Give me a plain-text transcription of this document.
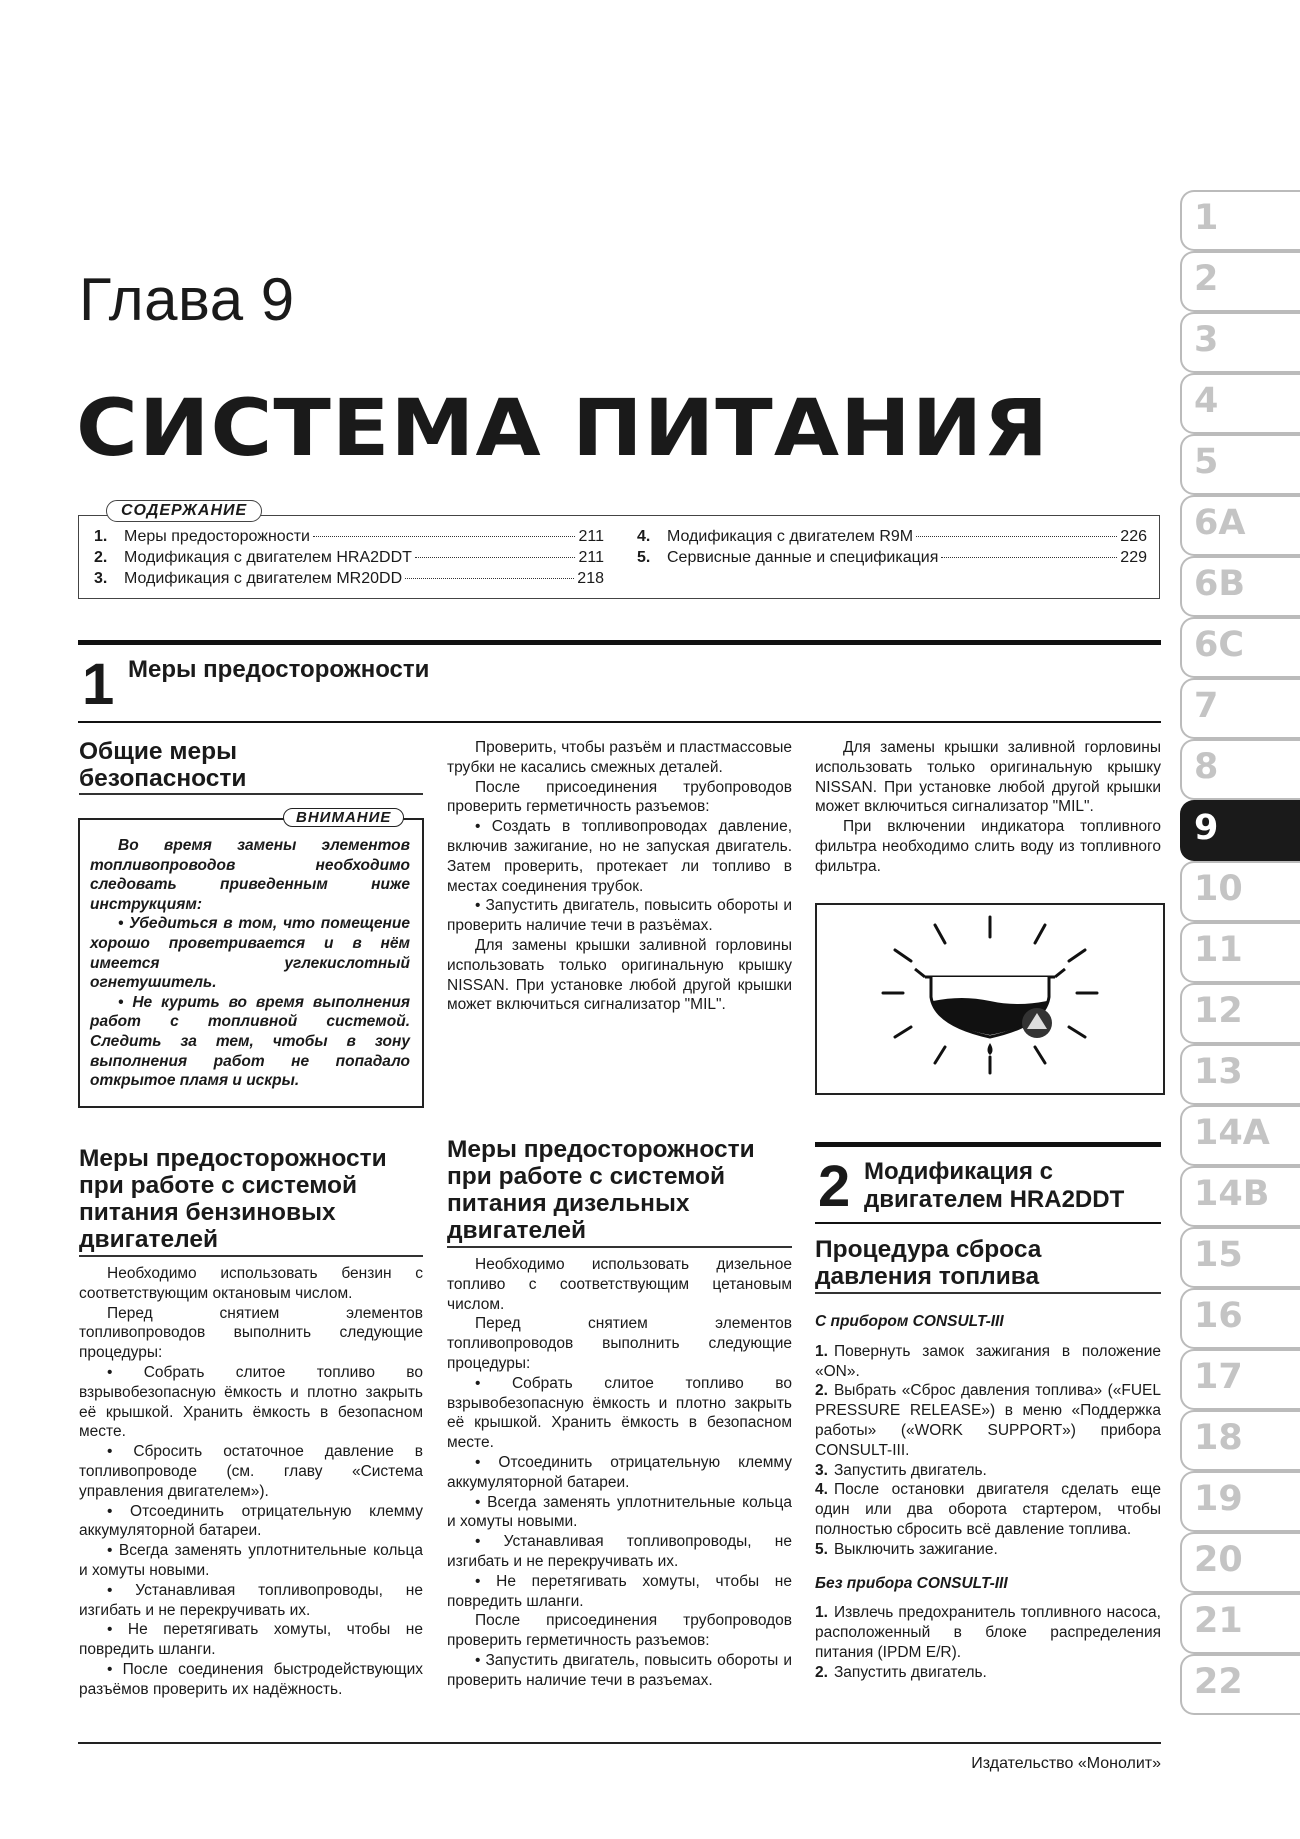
Глава 9
СИСТЕМА ПИТАНИЯ
СОДЕРЖАНИЕ
1.	Меры предосторожности	211
2.	Модификация с двигателем HRA2DDT	211
3.	Модификация с двигателем MR20DD	218
4.	Модификация с двигателем R9M	226
5.	Сервисные данные и спецификация	229
1 Меры предосторожности
Общие меры
безопасности
ВНИМАНИЕ

Во время замены элементов топливопроводов необходимо следовать приведенным ниже инструкциям:

• Убедиться в том, что помещение хорошо проветривается и в нём имеется углекислотный огнетушитель.

• Не курить во время выполнения работ с топливной системой. Следить за тем, чтобы в зону выполнения работ не попадало открытое пламя и искры.

Проверить, чтобы разъём и пластмассовые трубки не касались смежных деталей.

После присоединения трубопроводов проверить герметичность разъемов:

• Создать в топливопроводах давление, включив зажигание, но не запуская двигатель. Затем проверить, протекает ли топливо в местах соединения трубок.

• Запустить двигатель, повысить обороты и проверить наличие течи в разъёмах.

Для замены крышки заливной горловины использовать только оригинальную крышку NISSAN. При установке любой другой крышки может включиться сигнализатор "MIL".

Для замены крышки заливной горловины использовать только оригинальную крышку NISSAN. При установке любой другой крышки может включиться сигнализатор "MIL".

При включении индикатора топливного фильтра необходимо слить воду из топливного фильтра.

Меры предосторожности
при работе с системой
питания бензиновых
двигателей

Необходимо использовать бензин с соответствующим октановым числом.

Перед снятием элементов топливопроводов выполнить следующие процедуры:

• Собрать слитое топливо во взрывобезопасную ёмкость и плотно закрыть её крышкой. Хранить ёмкость в безопасном месте.

• Сбросить остаточное давление в топливопроводе (см. главу «Система управления двигателем»).

• Отсоединить отрицательную клемму аккумуляторной батареи.

• Всегда заменять уплотнительные кольца и хомуты новыми.

• Устанавливая топливопроводы, не изгибать и не перекручивать их.

• Не перетягивать хомуты, чтобы не повредить шланги.

• После соединения быстродействующих разъёмов проверить их надёжность.

Меры предосторожности
при работе с системой
питания дизельных
двигателей

Необходимо использовать дизельное топливо с соответствующим цетановым числом.

Перед снятием элементов топливопроводов выполнить следующие процедуры:

• Собрать слитое топливо во взрывобезопасную ёмкость и плотно закрыть её крышкой. Хранить ёмкость в безопасном месте.

• Отсоединить отрицательную клемму аккумуляторной батареи.

• Всегда заменять уплотнительные кольца и хомуты новыми.

• Устанавливая топливопроводы, не изгибать и не перекручивать их.

• Не перетягивать хомуты, чтобы не повредить шланги.

После присоединения трубопроводов проверить герметичность разъемов:

• Запустить двигатель, повысить обороты и проверить наличие течи в разъемах.

2 Модификация с
двигателем HRA2DDT
Процедура сброса
давления топлива

С прибором CONSULT-III

1. Повернуть замок зажигания в положение «ON».

2. Выбрать «Сброс давления топлива» («FUEL PRESSURE RELEASE») в меню «Поддержка работы» («WORK SUPPORT») прибора CONSULT-III.

3. Запустить двигатель.

4. После остановки двигателя сделать еще один или два оборота стартером, чтобы полностью сбросить всё давление топлива.

5. Выключить зажигание.

Без прибора CONSULT-III

1. Извлечь предохранитель топливного насоса, расположенный в блоке распределения питания (IPDM E/R).

2. Запустить двигатель.

Издательство «Монолит»
1
2
3
4
5
6A
6B
6C
7
8
9
10
11
12
13
14A
14B
15
16
17
18
19
20
21
22
